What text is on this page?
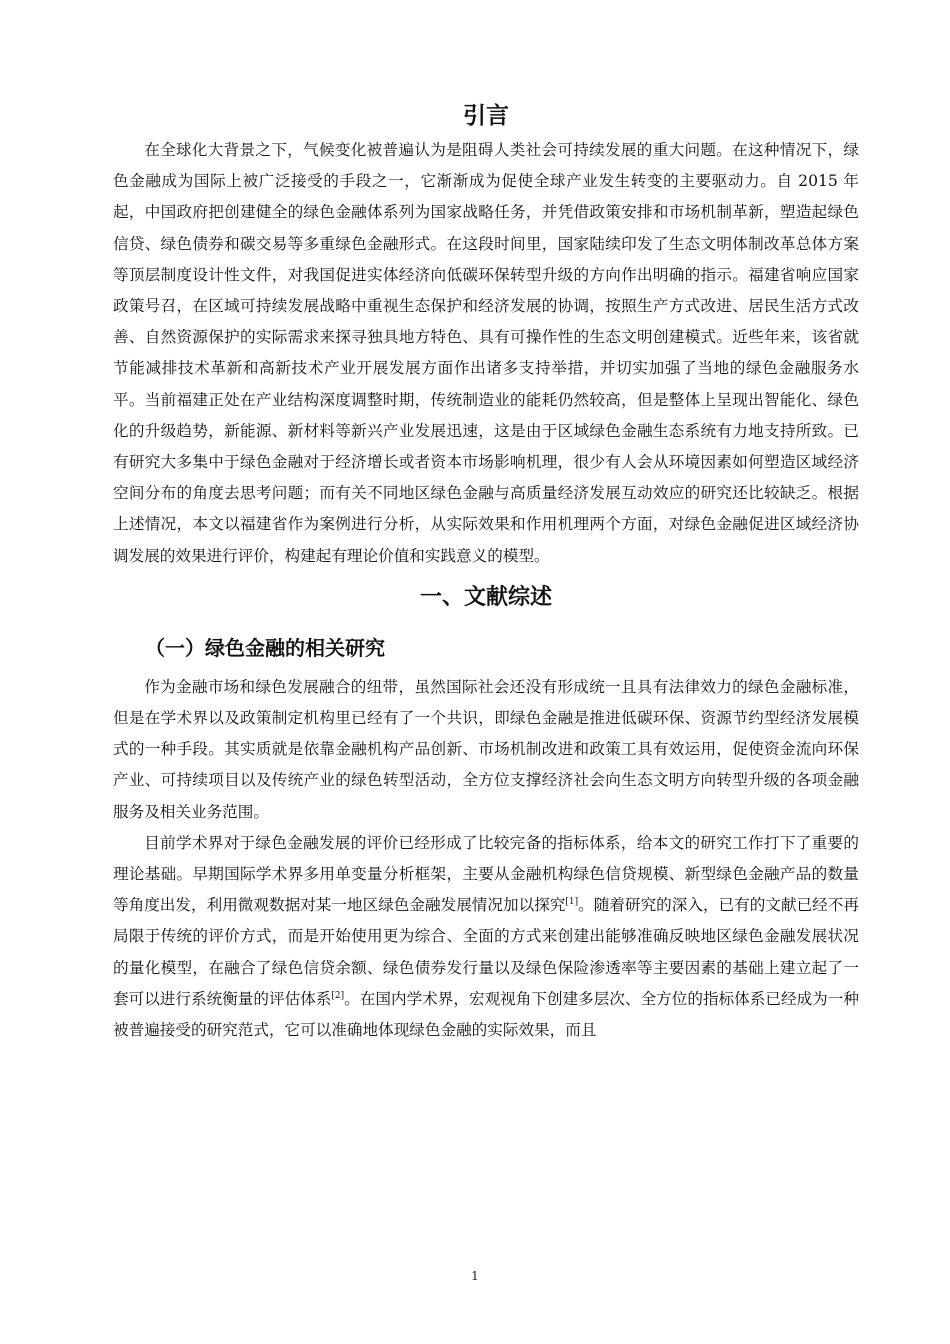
引言

在全球化大背景之下，气候变化被普遍认为是阻碍人类社会可持续发展的重大问题。在这种情况下，绿色金融成为国际上被广泛接受的手段之一，它渐渐成为促使全球产业发生转变的主要驱动力。自 2015 年起，中国政府把创建健全的绿色金融体系列为国家战略任务，并凭借政策安排和市场机制革新，塑造起绿色信贷、绿色债券和碳交易等多重绿色金融形式。在这段时间里，国家陆续印发了生态文明体制改革总体方案等顶层制度设计性文件，对我国促进实体经济向低碳环保转型升级的方向作出明确的指示。福建省响应国家政策号召，在区域可持续发展战略中重视生态保护和经济发展的协调，按照生产方式改进、居民生活方式改善、自然资源保护的实际需求来探寻独具地方特色、具有可操作性的生态文明创建模式。近些年来，该省就节能减排技术革新和高新技术产业开展发展方面作出诸多支持举措，并切实加强了当地的绿色金融服务水平。当前福建正处在产业结构深度调整时期，传统制造业的能耗仍然较高，但是整体上呈现出智能化、绿色化的升级趋势，新能源、新材料等新兴产业发展迅速，这是由于区域绿色金融生态系统有力地支持所致。已有研究大多集中于绿色金融对于经济增长或者资本市场影响机理，很少有人会从环境因素如何塑造区域经济空间分布的角度去思考问题；而有关不同地区绿色金融与高质量经济发展互动效应的研究还比较缺乏。根据上述情况，本文以福建省作为案例进行分析，从实际效果和作用机理两个方面，对绿色金融促进区域经济协调发展的效果进行评价，构建起有理论价值和实践意义的模型。

一、文献综述
（一）绿色金融的相关研究

作为金融市场和绿色发展融合的纽带，虽然国际社会还没有形成统一且具有法律效力的绿色金融标准，但是在学术界以及政策制定机构里已经有了一个共识，即绿色金融是推进低碳环保、资源节约型经济发展模式的一种手段。其实质就是依靠金融机构产品创新、市场机制改进和政策工具有效运用，促使资金流向环保产业、可持续项目以及传统产业的绿色转型活动，全方位支撑经济社会向生态文明方向转型升级的各项金融服务及相关业务范围。

目前学术界对于绿色金融发展的评价已经形成了比较完备的指标体系，给本文的研究工作打下了重要的理论基础。早期国际学术界多用单变量分析框架，主要从金融机构绿色信贷规模、新型绿色金融产品的数量等角度出发，利用微观数据对某一地区绿色金融发展情况加以探究[1]。随着研究的深入，已有的文献已经不再局限于传统的评价方式，而是开始使用更为综合、全面的方式来创建出能够准确反映地区绿色金融发展状况的量化模型，在融合了绿色信贷余额、绿色债券发行量以及绿色保险渗透率等主要因素的基础上建立起了一套可以进行系统衡量的评估体系[2]。在国内学术界，宏观视角下创建多层次、全方位的指标体系已经成为一种被普遍接受的研究范式，它可以准确地体现绿色金融的实际效果，而且

1
